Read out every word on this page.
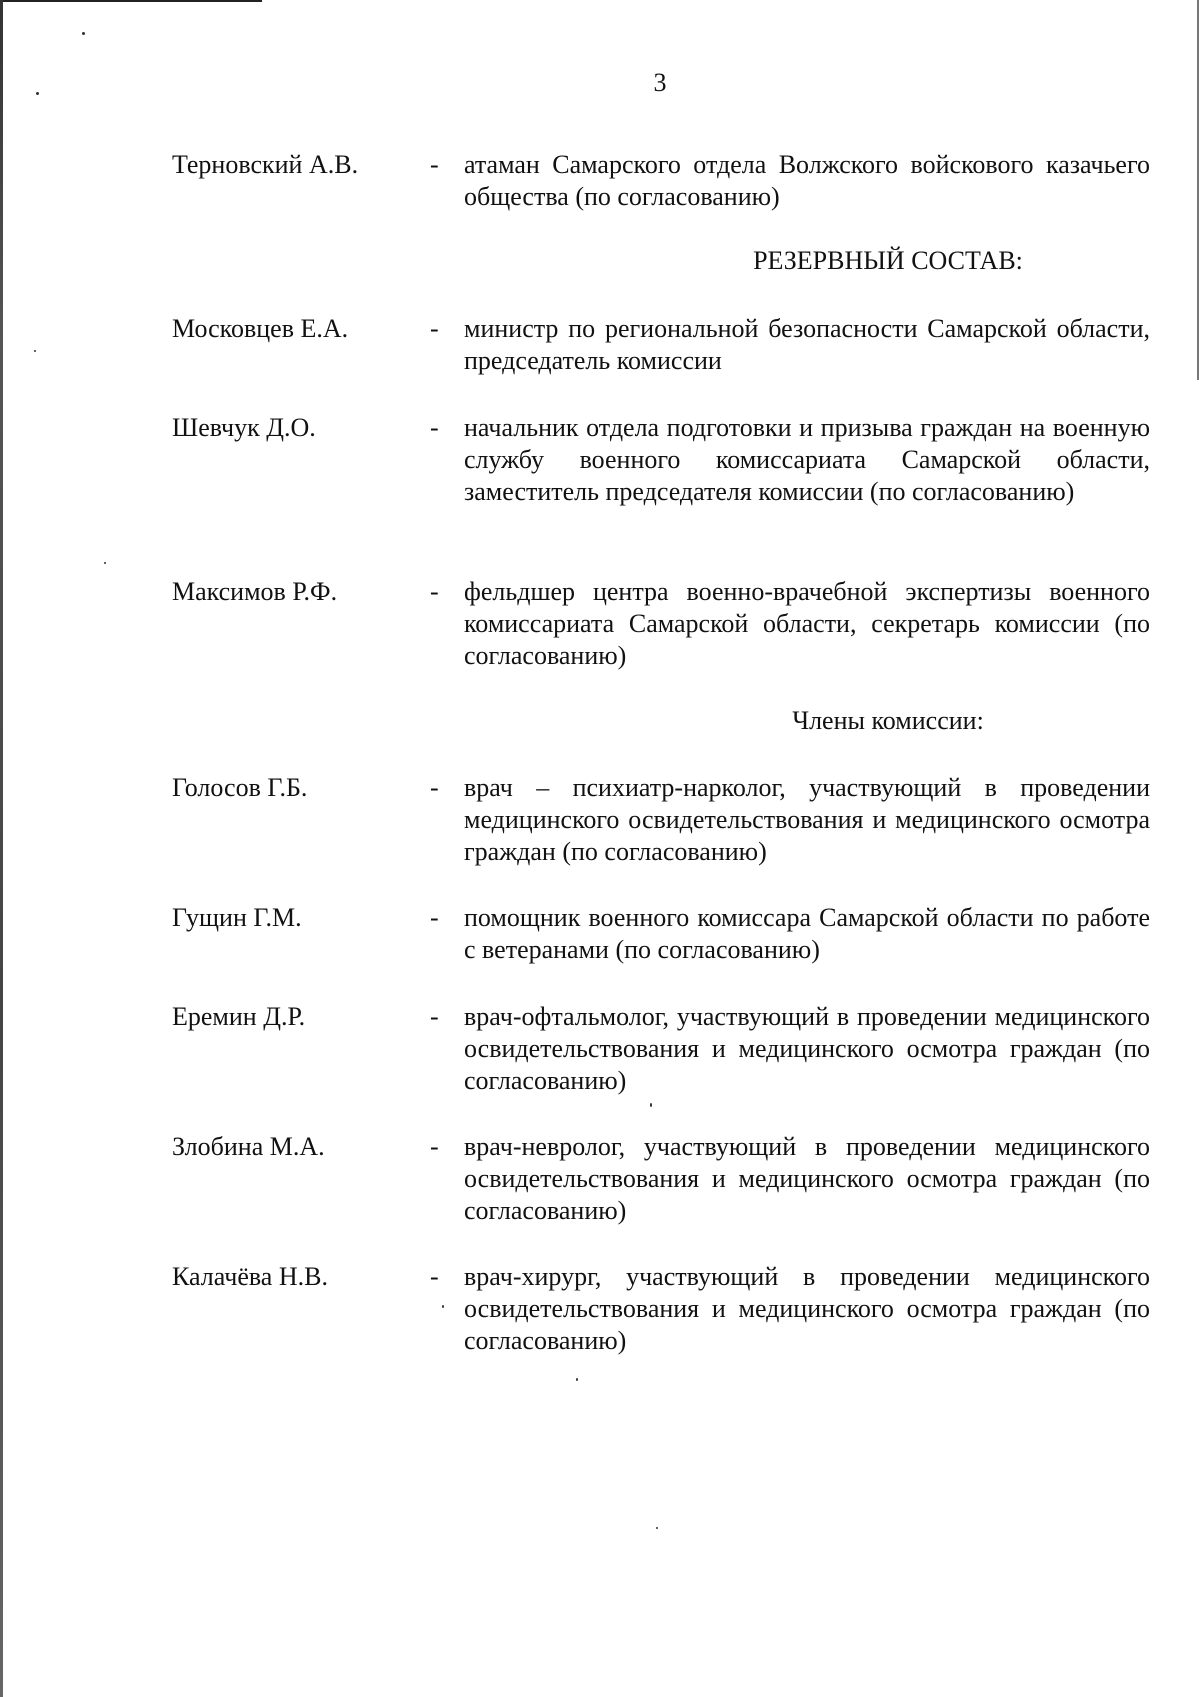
3
Терновский А.В.	- атаман Самарского отдела Волжского войскового казачьего общества (по согласованию)
РЕЗЕРВНЫЙ СОСТАВ:
Московцев Е.А.	- министр по региональной безопасности Самарской области, председатель комиссии
Шевчук Д.О.	- начальник отдела подготовки и призыва граждан на военную службу военного комиссариата Самарской области, заместитель председателя комиссии (по согласованию)
Максимов Р.Ф.	- фельдшер центра военно-врачебной экспертизы военного комиссариата Самарской области, секретарь комиссии (по согласованию)
Члены комиссии:
Голосов Г.Б.	- врач – психиатр-нарколог, участвующий в проведении медицинского освидетельствования и медицинского осмотра граждан (по согласованию)
Гущин Г.М.	- помощник военного комиссара Самарской области по работе с ветеранами (по согласованию)
Еремин Д.Р.	- врач-офтальмолог, участвующий в проведении медицинского освидетельствования и медицинского осмотра граждан (по согласованию)
Злобина М.А.	- врач-невролог, участвующий в проведении медицинского освидетельствования и медицинского осмотра граждан (по согласованию)
Калачёва Н.В.	- врач-хирург, участвующий в проведении медицинского освидетельствования и медицинского осмотра граждан (по согласованию)
